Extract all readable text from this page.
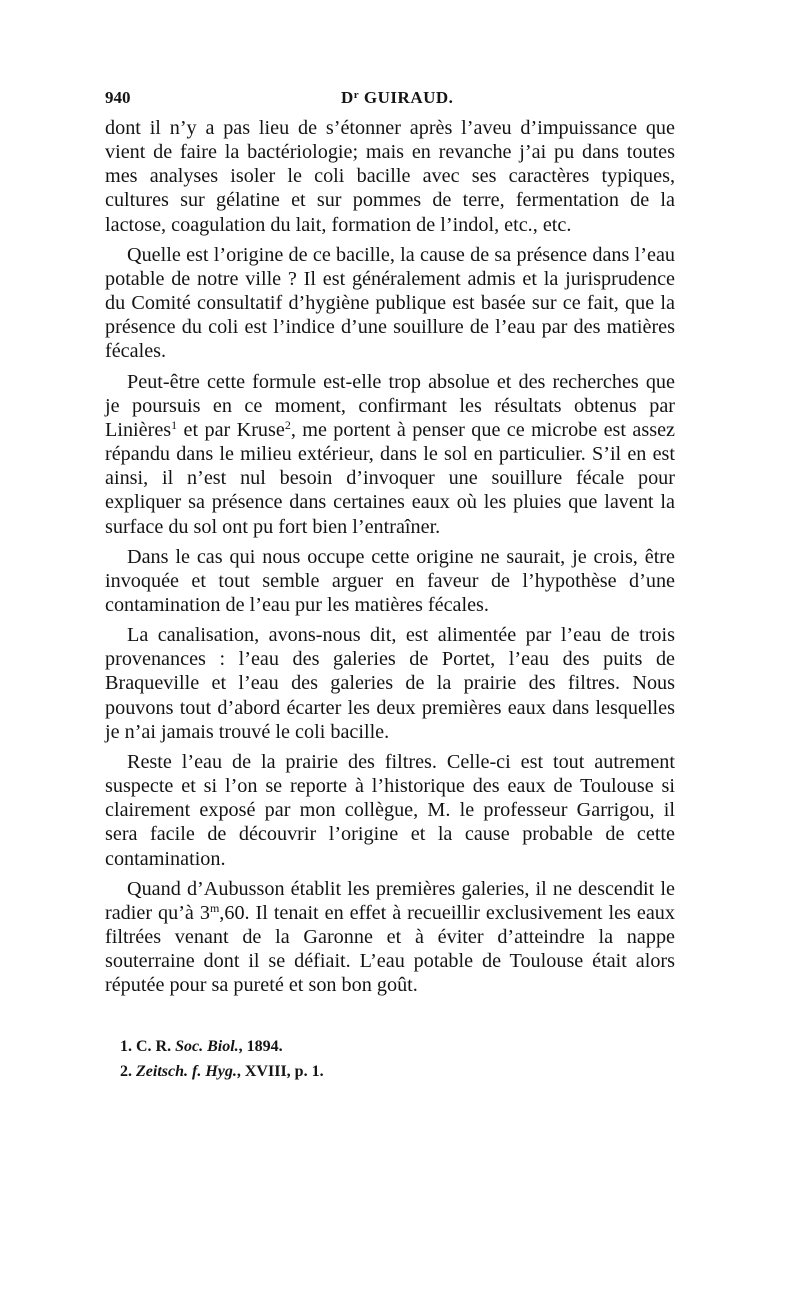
940	$D^r$ GUIRAUD.

dont il n’y a pas lieu de s’étonner après l’aveu d’impuissance que vient de faire la bactériologie; mais en revanche j’ai pu dans toutes mes analyses isoler le coli bacille avec ses caractères typiques, cultures sur gélatine et sur pommes de terre, fermentation de la lactose, coagulation du lait, formation de l’indol, etc., etc.

Quelle est l’origine de ce bacille, la cause de sa présence dans l’eau potable de notre ville ? Il est généralement admis et la jurisprudence du Comité consultatif d’hygiène publique est basée sur ce fait, que la présence du coli est l’indice d’une souillure de l’eau par des matières fécales.

Peut-être cette formule est-elle trop absolue et des recherches que je poursuis en ce moment, confirmant les résultats obtenus par Linières$^1$ et par Kruse$^2$, me portent à penser que ce microbe est assez répandu dans le milieu extérieur, dans le sol en particulier. S’il en est ainsi, il n’est nul besoin d’invoquer une souillure fécale pour expliquer sa présence dans certaines eaux où les pluies que lavent la surface du sol ont pu fort bien l’entraîner.

Dans le cas qui nous occupe cette origine ne saurait, je crois, être invoquée et tout semble arguer en faveur de l’hypothèse d’une contamination de l’eau pur les matières fécales.

La canalisation, avons-nous dit, est alimentée par l’eau de trois provenances : l’eau des galeries de Portet, l’eau des puits de Braqueville et l’eau des galeries de la prairie des filtres. Nous pouvons tout d’abord écarter les deux premières eaux dans lesquelles je n’ai jamais trouvé le coli bacille.

Reste l’eau de la prairie des filtres. Celle-ci est tout autrement suspecte et si l’on se reporte à l’historique des eaux de Toulouse si clairement exposé par mon collègue, M. le professeur Garrigou, il sera facile de découvrir l’origine et la cause probable de cette contamination.

Quand d’Aubusson établit les premières galeries, il ne descendit le radier qu’à 3$^m$,60. Il tenait en effet à recueillir exclusivement les eaux filtrées venant de la Garonne et à éviter d’atteindre la nappe souterraine dont il se défiait. L’eau potable de Toulouse était alors réputée pour sa pureté et son bon goût.

1. C. R. Soc. Biol., 1894.

2. Zeitsch. f. Hyg., XVIII, p. 1.
